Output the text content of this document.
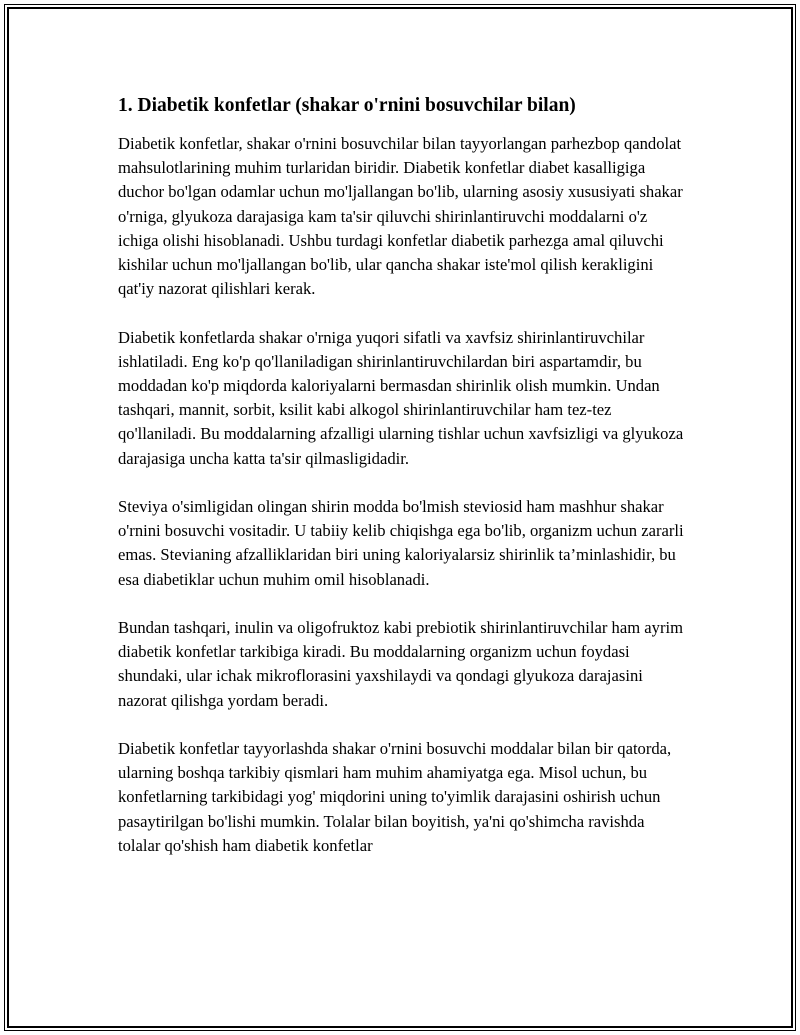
1. Diabetik konfetlar (shakar o'rnini bosuvchilar bilan)

Diabetik konfetlar, shakar o'rnini bosuvchilar bilan tayyorlangan parhezbop qandolat mahsulotlarining muhim turlaridan biridir. Diabetik konfetlar diabet kasalligiga duchor bo'lgan odamlar uchun mo'ljallangan bo'lib, ularning asosiy xususiyati shakar o'rniga, glyukoza darajasiga kam ta'sir qiluvchi shirinlantiruvchi moddalarni o'z ichiga olishi hisoblanadi. Ushbu turdagi konfetlar diabetik parhezga amal qiluvchi kishilar uchun mo'ljallangan bo'lib, ular qancha shakar iste'mol qilish kerakligini qat'iy nazorat qilishlari kerak.

Diabetik konfetlarda shakar o'rniga yuqori sifatli va xavfsiz shirinlantiruvchilar ishlatiladi. Eng ko'p qo'llaniladigan shirinlantiruvchilardan biri aspartamdir, bu moddadan ko'p miqdorda kaloriyalarni bermasdan shirinlik olish mumkin. Undan tashqari, mannit, sorbit, ksilit kabi alkogol shirinlantiruvchilar ham tez-tez qo'llaniladi. Bu moddalarning afzalligi ularning tishlar uchun xavfsizligi va glyukoza darajasiga uncha katta ta'sir qilmasligidadir.

Steviya o'simligidan olingan shirin modda bo'lmish steviosid ham mashhur shakar o'rnini bosuvchi vositadir. U tabiiy kelib chiqishga ega bo'lib, organizm uchun zararli emas. Stevianing afzalliklaridan biri uning kaloriyalarsiz shirinlik ta’minlashidir, bu esa diabetiklar uchun muhim omil hisoblanadi.

Bundan tashqari, inulin va oligofruktoz kabi prebiotik shirinlantiruvchilar ham ayrim diabetik konfetlar tarkibiga kiradi. Bu moddalarning organizm uchun foydasi shundaki, ular ichak mikroflorasini yaxshilaydi va qondagi glyukoza darajasini nazorat qilishga yordam beradi.

Diabetik konfetlar tayyorlashda shakar o'rnini bosuvchi moddalar bilan bir qatorda, ularning boshqa tarkibiy qismlari ham muhim ahamiyatga ega. Misol uchun, bu konfetlarning tarkibidagi yog' miqdorini uning to'yimlik darajasini oshirish uchun pasaytirilgan bo'lishi mumkin. Tolalar bilan boyitish, ya'ni qo'shimcha ravishda tolalar qo'shish ham diabetik konfetlar
